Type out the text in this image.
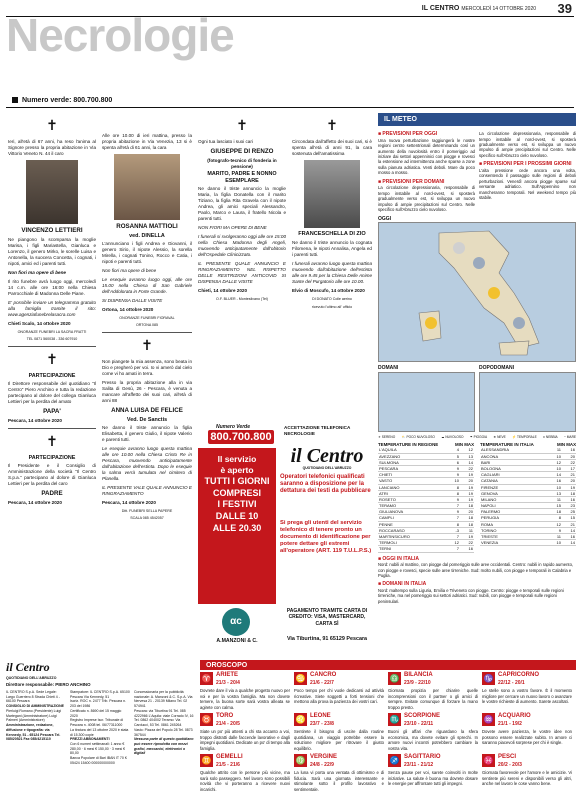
IL CENTRO MERCOLEDÌ 14 OTTOBRE 2020 39
Necrologie
Numero verde: 800.700.800
✝

Ieri, all'età di 67 anni, ha reso l'anima al Signore presso la propria abitazione in Via Vittorio Veneto N. 44 il caro

VINCENZO LETTIERI

Ne piangono la scomparsa la moglie Marisa, i figli Mariastella, Gianluca e Lorenzo, il genero Mirko, le sorelle Luisa e Antonella, la suocera Concetta, i cognati, i nipoti, amici ed i parenti tutti.

Non fiori ma opere di bene

Il rito funebre avrà luogo oggi, mercoledì 14 c.m. alle ore 16:00 nella Chiesa Parrocchiale di Madonna Delle Piane.

E' possibile inviare un telegramma gratuito alla famiglia tramite il sito: www.agenziafunebrelasacra.com

Chieti Scalo, 14 ottobre 2020

ONORANZE FUNEBRI LA SACRA FRATTI
TEL 0871 560038 - 336 607910
✝
PARTECIPAZIONE

Il Direttore responsabile del quotidiano "Il Centro" Piero Anchino e tutta la redazione partecipano al dolore del collega Gianluca Lettieri per la perdita del amato

PAPA'

Pescara, 14 ottobre 2020

✝
PARTECIPAZIONE

Il Presidente e il Consiglio di Amministrazione della società "Il Centro S.p.a." partecipano al dolore di Gianluca Lettieri per la perdita del caro

PADRE

Pescara, 14 ottobre 2020

Alle ore 10.00 di ieri mattina, presso la propria abitazione in Via Venezia, 13 si è spenta all'età di 61 anni, la cara

ROSANNA MATTIOLI
ved. DINELLA

L'annunciano i figli Andrea e Giovanni, il genero Sirio, il nipote Alessio, la sorella Mirella, i cognati Tonino, Rocco e Catia, i nipoti e parenti tutti.

Non fiori ma opere di bene

Le esequie avranno luogo oggi, alle ore 15.00 nella Chiesa di San Gabriele dell'Addolorata in Forte Grande.

SI DISPENSA DALLE VISITE

Ortona, 14 ottobre 2020

ONORANZE FUNEBRI FIORAVAL
ORTONA 085
✝

Non piangete la mia assenza, sono beata in Dio e pregherò per voi. Io vi amerò dal cielo come vi ho amati in terra.

Presso la propria abitazione alla in via Salita di Gesù, 26 - Pescara, è venuta a mancare all'affetto dei suoi cari, all'età di anni 88

ANNA LUISA DE FELICE
Ved. De Sanctis

Ne danno il triste annuncio la figlia Elisabetta, il genero Giulio, il nipote Valerio e parenti tutti.

Le esequie avranno luogo questa mattina alle ore 10.00 nella Chiesa Cristo Re in Pescara, muovendo anticipatamente dall'abitazione dell'estinta. Dopo le esequie la salma verrà tumulata nel cimitero di Planella.

IL PRESENTE VALE QUALE ANNUNCIO E RINGRAZIAMENTO

Pescara, 14 ottobre 2020

Ditt. FUNEBRI SELLA PAPERE
SCALA 085 4542057
✝

Ogni tua lasciato i suoi cari

GIUSEPPE DI RENZO
(fotografo-tecnico di fonderia in pensione)
MARITO, PADRE E NONNO ESEMPLARE

Ne danno il triste annuncio la moglie Maria, la figlia Donatella con il marito Tiziano, la figlia Rita Gravela con il nipote Andrea, gli amici speciali Alessandro, Paolo, Marco e Laura, il fratello Nicola e parenti tutti.

NON FIORI MA OPERE DI BENE

I funerali si svolgeranno oggi alle ore 15:00 nella Chiesa Madonna degli Angeli, muovendo anticipatamente dall'obitorio dell'Ospedale Clinicizzato.

IL PRESENTE QUALE ANNUNCIO E RINGRAZIAMENTO NEL RISPETTO DELLE RESTRIZIONI ANTICOVID SI DISPENSA DALLE VISITE

Chieti, 14 ottobre 2020

O.F. BLUER - Montesilvano (Tel)
✝

Circondata dall'affetto dei suoi cari, si è spenta all'età di anni 91, la cara sostenuta dell'amatissima

FRANCESCHELLA DI ZIO

Ne danno il triste annuncio la cognata Filomena, le nipoti Annalisa, Angela ed i parenti tutti.

I funerali avranno luogo questa mattina muovendo dall'abitazione dell'estinta alle ore 9.45 per la Chiesa Delle Anime Sante del Purgatorio alle ore 10.00.

Elvio di Moscufo, 14 ottobre 2020

DI DONATO Colle aerino
ricevuto l'ultimo all' ufficio
Numero Verde	ACCETTAZIONE TELEFONICA NECROLOGIE
800.700.800
Il servizio
è aperto
TUTTI I GIORNI
COMPRESI
I FESTIVI
DALLE 10
ALLE 20.30
il Centro
QUOTIDIANO DELL'ABRUZZO
Operatori telefonici qualificati saranno a disposizione per la dettatura dei testi da pubblicare
Si prega gli utenti del servizio telefonico di tenere pronto un documento di identificazione per potere dettare gli estremi all'operatore (ART. 119 T.U.L.P.S.)
PAGAMENTO TRAMITE CARTA DI CREDITO: VISA, MASTERCARD, CARTA SÌ
αc
A.MANZONI & C.	Via Tiburtina, 91 65129 Pescara
IL METEO
■ PREVISIONI PER OGGI

Una nuova perturbazione raggiungerà le nostre regioni centro settentrionali determinando così un aumento della nuvolosità entro il pomeriggio ad iniziare dai settori appenninici con piogge e rovesci la estensione ad intermittenza anche sparse a zone sulla pianura adriatica. Venti deboli. Mare da poco mosso a mosso.

■ PREVISIONI PER DOMANI

La circolazione depressionaria, responsabile di tempo instabile al nord-ovest, si sposterà gradualmente verso est, si sviluppa un nuovo impulso di ampie precipitazioni sul Centro. Nelle specifico sull'Abruzzo cielo nuvoloso.

La circolazione depressionaria, responsabile di tempo instabile al nord-ovest, si sposterà gradualmente verso est, si sviluppa un nuovo impulso di ampie precipitazioni sul Centro. Nelle specifico sull'Abruzzo cielo nuvoloso.

■ PREVISIONI PER I PROSSIMI GIORNI

L'alta pressione cede ancora una volta, consentendo il passaggio sulle regioni di deboli perturbazioni. Venerdì ancora piogge sparse sul versante adriatico. Sull'Appennino non mancheranno temporali. Nel weekend tempo più stabile.

OGGI
DOMANI	DOPODOMANI
☀ SERENO ⛅ POCO NUVOLOSO ☁ NUVOLOSO ☂ PIOGGIA ❄ NEVE ⚡ TEMPORALE ≡ NEBBIA ~ MARE
TEMPERATURE IN REGIONE	MIN MAX
L'AQUILA	4	12
AVEZZANO	5	13
SULMONA	6	14
PESCARA	9	22
CHIETI	9	19
VASTO	10	20
LANCIANO	8	19
ATRI	8	19
ROSETO	9	19
TERAMO	7	18
GIULIANOVA	9	20
CAMPLI	7	18
PENNE	8	18
ROCCARASO	-3	11
MARTINSICURO	7	19
TERMOLI	12	22
TERNI	7	16
TEMPERATURE IN ITALIA	MIN MAX
ALESSANDRIA	11	16
ANCONA	10	20
BARI	12	22
BOLOGNA	10	17
CAGLIARI	14	21
CATANIA	16	20
FIRENZE	10	19
GENOVA	13	18
MILANO	11	16
NAPOLI	15	23
PALERMO	18	25
PERUGIA	8	15
ROMA	12	21
TORINO	9	14
TRIESTE	11	16
VENEZIA	10	14
■ OGGI IN ITALIA

Nord: nubili al mattino, con piogge dal pomeriggio sulle aree occidentali. Centro: nubili in rapido aumento, con piogge e rovesci, specie sulle aree tirreniche. Sud: molto nubili, con piogge e temporali in Calabria e Puglia.

■ DOMANI IN ITALIA

Nord: maltempo sulla Liguria, Emilia e Triveneto con piogge. Centro: piogge e temporali sulle regioni tirreniche, ma nel pomeriggio sui settori adriatici. Sud: nubili, con piogge e temporali sulle regioni peninsulari.

il Centro
QUOTIDIANO DELL'ABRUZZO
Direttore responsabile: PIERO ANCHINO

IL CENTRO S.p.A. Sede Legale: Largo Guerriero 8 Strada Chieti 4 - 66100 Pescara

CONSIGLIO DI AMMINISTRAZIONE

Pierluigi Romano (Presidente) Luigi Martegani (Amministratore) Luigi Palmeri (Amministratore)

Amministrazione, redazione, diffusione e tipografia: via Kennedy, 51 - 65124 Pescara Tel. 085/20521 Fax 085/4215110

Stampatore: IL CENTRO S.p.A. 65100 Pescara Via Kennedy, 51

Iscriz. ROC n. 2477 Trib. Pescara n. 203 del 1986

Certificato n. 8690 del 15 maggio 2020

Registro Imprese Iscr. Tribunale di Pescara n. 4008 tel. 06/77311000

La tiratura del 13 ottobre 2020 è stata di 15.300 copie

PREZZI ABBONAMENTI

Con 6 numeri settimanali: 1 anno € 280,00 · 6 mesi € 150,00 · 3 mesi € 80,00

Banca Popolare di Bari IBAN IT 70 K 05424 15400 000000000000

Concessionaria per la pubblicità nazionale: A. Manzoni & C. S.p.A. Via Nervesa 21 - 20139 Milano Tel. 02 574941

Pescara: via Tiburtina 91 Tel. 085 4222966 L'Aquila: viale Corrado IV, 16 Tel. 0862 404002 Teramo: Via Carducci, 53 Tel. 0861 245264

Vasto: Piazza del Popolo 28 Tel. 0873 367544

Nessuna parte di questo quotidiano può essere riprodotta con mezzi grafici, meccanici, elettronici o digitali

OROSCOPO
♈ ARIETE
21/3 - 20/4
Dovrete dare il via a qualche progetto nuovo per voi e per la vostra famiglia. Ma non dovete temere, la buona sorte sarà vostra alleata se agirete con calma.
♋ CANCRO
21/6 - 22/7
Poco tempo per chi vuole dedicarsi ad attività ricreative. Siete soggetti a forti tensioni che mettono alla prova la pazienza dei vostri cari.
♎ BILANCIA
23/9 - 22/10
Giornata propizia per chiarire quelle incomprensioni con il partner o gli amici di sempre. Evitate comunque di forzare la mano troppo presto.
♑ CAPRICORNO
22/12 - 20/1
Le stelle sono a vostro favore. È il momento migliore per cercare un nuovo lavoro o avanzare le vostre richieste di aumento. Sarete ascoltati.
♉ TORO
21/4 - 20/5
Siate un po' più attenti a chi sta accanto a voi, troppo distratti dalle faccende lavorative e dagli impegni quotidiani. Dedicate un po' di tempo alla famiglia.
♌ LEONE
23/7 - 23/8
Sentirete il bisogno di uscire dalla routine quotidiana, un viaggio potrebbe essere la soluzione migliore per ritrovare il giusto equilibrio.
♏ SCORPIONE
23/10 - 22/11
Buoni gli affari che riguardano la sfera economica, ma dovete evitare gli sprechi. In amore nuovi incontri potrebbero cambiare la vostra vita.
♒ ACQUARIO
21/1 - 19/2
Dovete avere pazienza, le vostre idee non possono essere realizzate subito. In amore ci saranno piacevoli sorprese per chi è single.
♊ GEMELLI
21/5 - 21/6
Qualche attrito con le persone più vicine, ma sarà solo passeggero. Nel lavoro sono possibili novità che vi porteranno a ricevere nuovi incarichi.
♍ VERGINE
24/8 - 22/9
La luna vi porta una ventata di ottimismo e di fiducia. Sarà una giornata interessante e stimolante sotto il profilo lavorativo e sentimentale.
♐ SAGITTARIO
23/11 - 21/12
Senza pause per voi, sarete coinvolti in molte iniziative. La salute è buona ma dovrete dosare le energie per affrontare tutti gli impegni.
♓ PESCI
20/2 - 20/3
Giornata favorevole per l'amore e le amicizie. Vi sentirete più sereni e disponibili verso gli altri, anche nel lavoro le cose vanno bene.
